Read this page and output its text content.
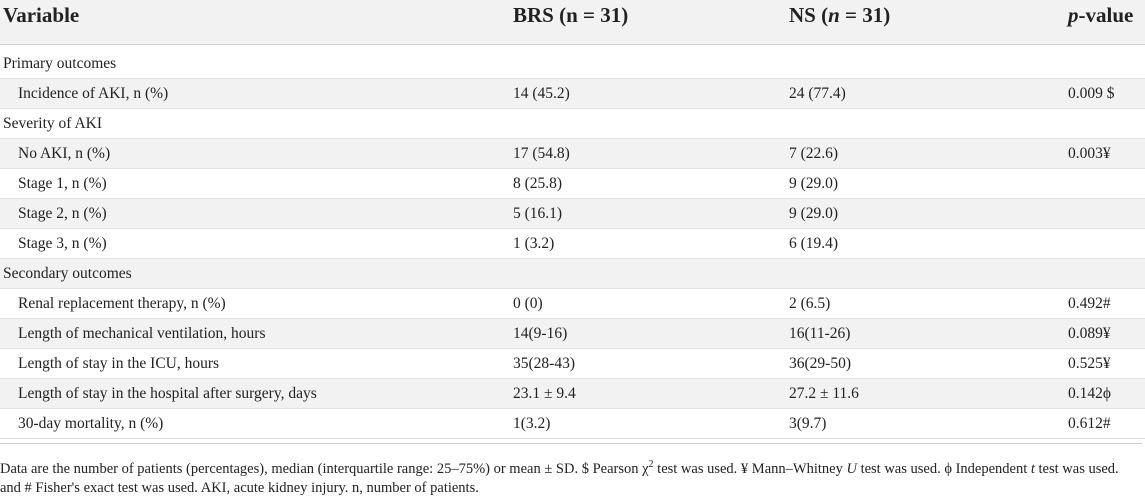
Variable	BRS (n = 31)	NS (n = 31)	p-value
Primary outcomes
Incidence of AKI, n (%)	14 (45.2)	24 (77.4)	0.009 $
Severity of AKI
No AKI, n (%)	17 (54.8)	7 (22.6)	0.003¥
Stage 1, n (%)	8 (25.8)	9 (29.0)
Stage 2, n (%)	5 (16.1)	9 (29.0)
Stage 3, n (%)	1 (3.2)	6 (19.4)
Secondary outcomes
Renal replacement therapy, n (%)	0 (0)	2 (6.5)	0.492#
Length of mechanical ventilation, hours	14(9-16)	16(11-26)	0.089¥
Length of stay in the ICU, hours	35(28-43)	36(29-50)	0.525¥
Length of stay in the hospital after surgery, days	23.1 ± 9.4	27.2 ± 11.6	0.142ϕ
30-day mortality, n (%)	1(3.2)	3(9.7)	0.612#
Data are the number of patients (percentages), median (interquartile range: 25–75%) or mean ± SD. $ Pearson $\chi^2$ test was used. ¥ Mann–Whitney U test was used. ϕ Independent t test was used. and # Fisher's exact test was used. AKI, acute kidney injury. n, number of patients.
